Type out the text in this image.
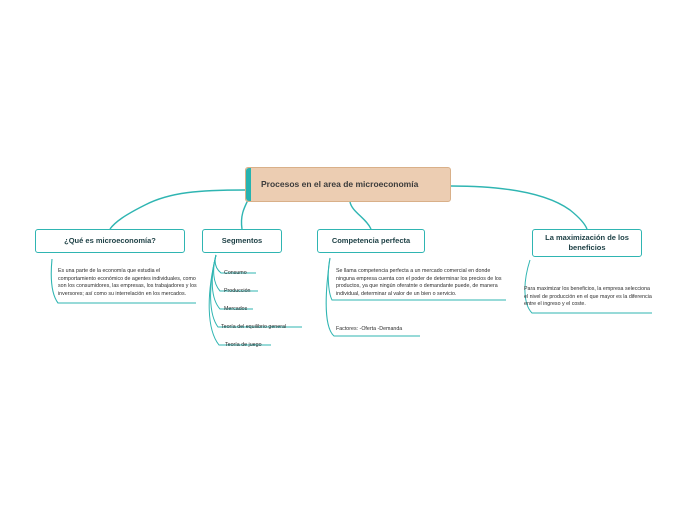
Procesos en el area de microeconomía
¿Qué es microeconomía?
Es una parte de la economía que estudia el comportamiento económico de agentes individuales, como son los consumidores, las empresas, los trabajadores y los inversores; así como su interrelación en los mercados.
Segmentos
Consumo
Producción
Mercados
Teoría del equilibrio general
Teoría de juego
Competencia perfecta
Se llama competencia perfecta a un mercado comercial en donde ninguna empresa cuenta con el poder de determinar los precios de los productos, ya que ningún oferatnte o demandante puede, de manera individual, determinar al valor de un bien o servicio.
Factores: -Oferta -Demanda
La maximización de los beneficios
Para maximizar los beneficios, la empresa selecciona el nivel de producción en el que mayor es la diferencia entre el ingreso y el coste.
